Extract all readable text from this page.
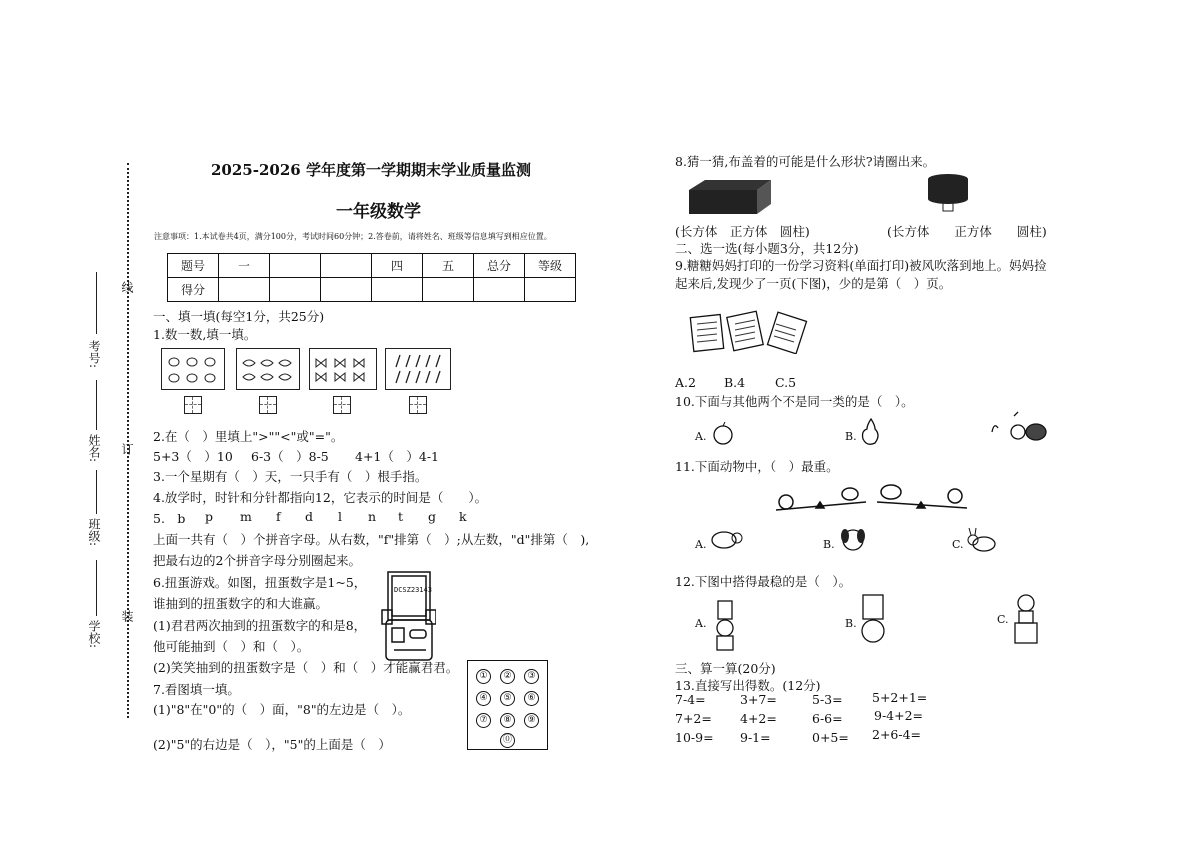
2025-2026 学年度第一学期期末学业质量监测
一年级数学
注意事项：1.本试卷共4页，满分100分，考试时间60分钟；2.答卷前，请将姓名、班级等信息填写到相应位置。
线
订
装
考号:
姓名:
班级:
学校:
题号	一			四	五	总分	等级
得分							
一、填一填(每空1分，共25分)
1.数一数,填一填。
2.在（　）里填上">""<"或"="。
5+3（　）10 6-3（　）8-5 4+1（　）4-1
3.一个星期有（　）天，一只手有（　）根手指。
4.放学时，时针和分针都指向12，它表示的时间是（　　）。
5.　b p m f d l n t g k
上面一共有（　）个拼音字母。从右数，"f"排第（　）;从左数，"d"排第（　),
把最右边的2个拼音字母分别圈起来。
6.扭蛋游戏。如图，扭蛋数字是1~5，
谁抽到的扭蛋数字的和大谁赢。
(1)君君两次抽到的扭蛋数字的和是8，
他可能抽到（　）和（　）。
(2)笑笑抽到的扭蛋数字是（　）和（　）才能赢君君。
DCSZ23143
7.看图填一填。
(1)"8"在"0"的（　）面，"8"的左边是（　）。
(2)"5"的右边是（　），"5"的上面是（　）
①	②	③
④	⑤	⑥
⑦	⑧	⑨
⓪
8.猜一猜,布盖着的可能是什么形状?请圈出来。
(长方体　正方体　圆柱)	(长方体　　正方体　　圆柱)
二、选一选(每小题3分，共12分)
9.糖糖妈妈打印的一份学习资料(单面打印)被风吹落到地上。妈妈捡
起来后,发现少了一页(下图)，少的是第（　）页。
A.2 B.4 C.5
10.下面与其他两个不是同一类的是（　）。
A.	B.
11.下面动物中，（　）最重。
A.	B.	C.
12.下图中搭得最稳的是（　）。
A.	B.	C.
三、算一算(20分)
13.直接写出得数。(12分)
7-4=	3+7=	5-3= 5+2+1=
7+2= 4+2=	6-6=	9-4+2=
10-9= 9-1=	0+5= 2+6-4=
